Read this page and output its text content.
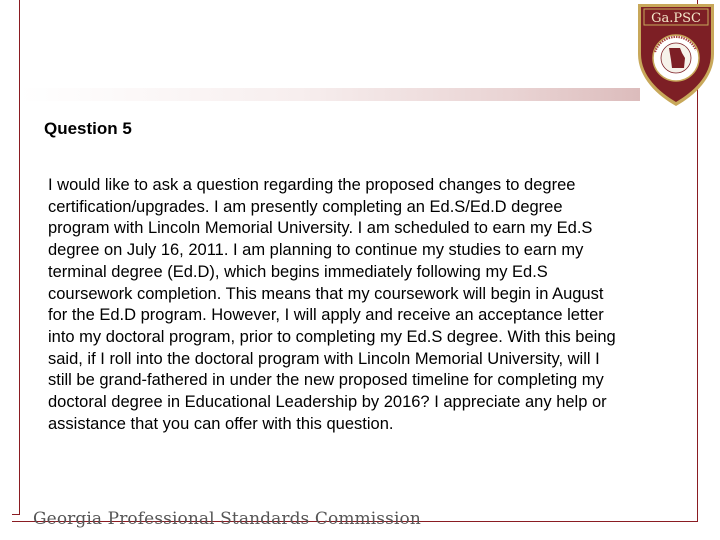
Ga.PSC
Question 5
I would like to ask a question regarding the proposed changes to degree
certification/upgrades. I am presently completing an Ed.S/Ed.D degree
program with Lincoln Memorial University. I am scheduled to earn my Ed.S
degree on July 16, 2011. I am planning to continue my studies to earn my
terminal degree (Ed.D), which begins immediately following my Ed.S
coursework completion. This means that my coursework will begin in August
for the Ed.D program. However, I will apply and receive an acceptance letter
into my doctoral program, prior to completing my Ed.S degree. With this being
said, if I roll into the doctoral program with Lincoln Memorial University, will I
still be grand-fathered in under the new proposed timeline for completing my
doctoral degree in Educational Leadership by 2016? I appreciate any help or
assistance that you can offer with this question.
Georgia Professional Standards Commission
